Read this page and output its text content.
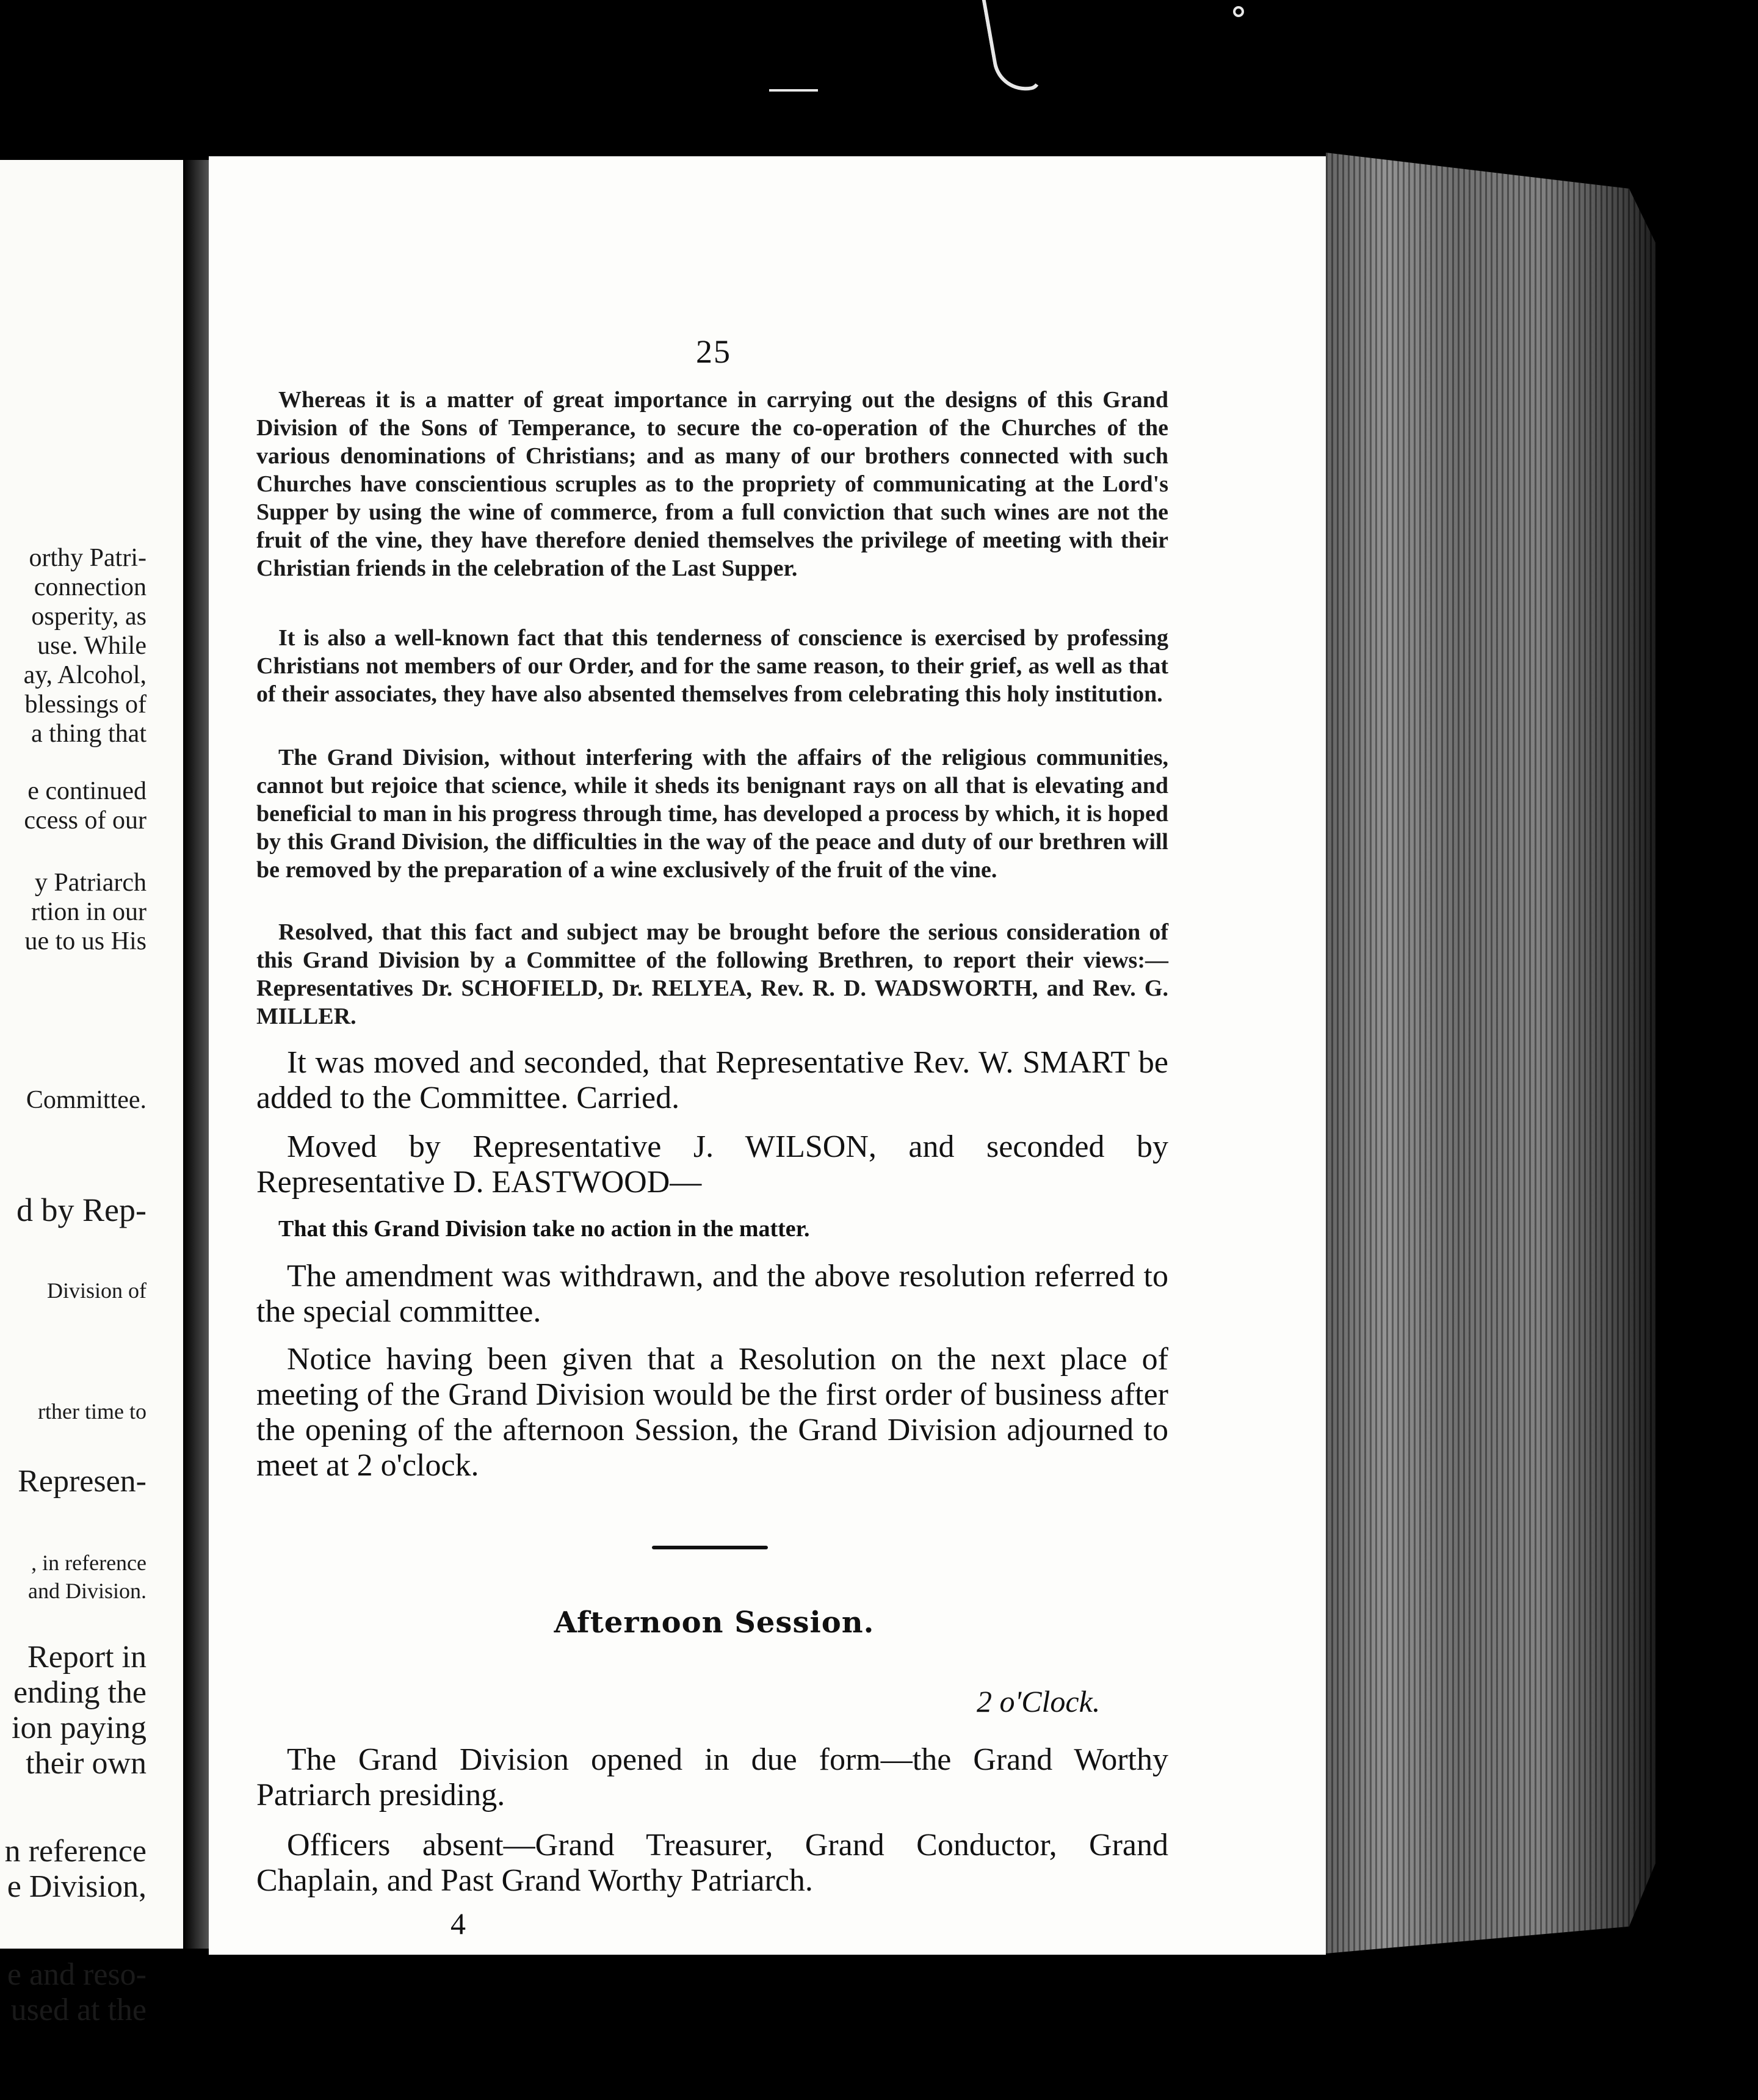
orthy Patri-
connection
osperity, as
use. While
ay, Alcohol,
blessings of
a thing that
e continued
ccess of our
y Patriarch
rtion in our
ue to us His
Committee.
d by Rep-
Division of
rther time to
Represen-
, in reference
and Division.
Report in
ending the
ion paying
their own
n reference
e Division,
e and reso-
used at the
25

Whereas it is a matter of great importance in carrying out the designs of this Grand Division of the Sons of Temperance, to secure the co-operation of the Churches of the various denominations of Christians; and as many of our brothers connected with such Churches have conscientious scruples as to the propriety of communicating at the Lord's Supper by using the wine of commerce, from a full conviction that such wines are not the fruit of the vine, they have therefore denied themselves the privilege of meeting with their Christian friends in the celebration of the Last Supper.

It is also a well-known fact that this tenderness of conscience is exercised by professing Christians not members of our Order, and for the same reason, to their grief, as well as that of their associates, they have also absented themselves from celebrating this holy institution.

The Grand Division, without interfering with the affairs of the religious communities, cannot but rejoice that science, while it sheds its benignant rays on all that is elevating and beneficial to man in his progress through time, has developed a process by which, it is hoped by this Grand Division, the difficulties in the way of the peace and duty of our brethren will be removed by the preparation of a wine exclusively of the fruit of the vine.

Resolved, that this fact and subject may be brought before the serious consideration of this Grand Division by a Committee of the following Brethren, to report their views:—Representatives Dr. SCHOFIELD, Dr. RELYEA, Rev. R. D. WADSWORTH, and Rev. G. MILLER.

It was moved and seconded, that Representative Rev. W. SMART be added to the Committee. Carried.

Moved by Representative J. WILSON, and seconded by Representative D. EASTWOOD—

That this Grand Division take no action in the matter.

The amendment was withdrawn, and the above resolution referred to the special committee.

Notice having been given that a Resolution on the next place of meeting of the Grand Division would be the first order of business after the opening of the afternoon Session, the Grand Division adjourned to meet at 2 o'clock.

Afternoon Session.
2 o'Clock.

The Grand Division opened in due form—the Grand Worthy Patriarch presiding.

Officers absent—Grand Treasurer, Grand Conductor, Grand Chaplain, and Past Grand Worthy Patriarch.

4
